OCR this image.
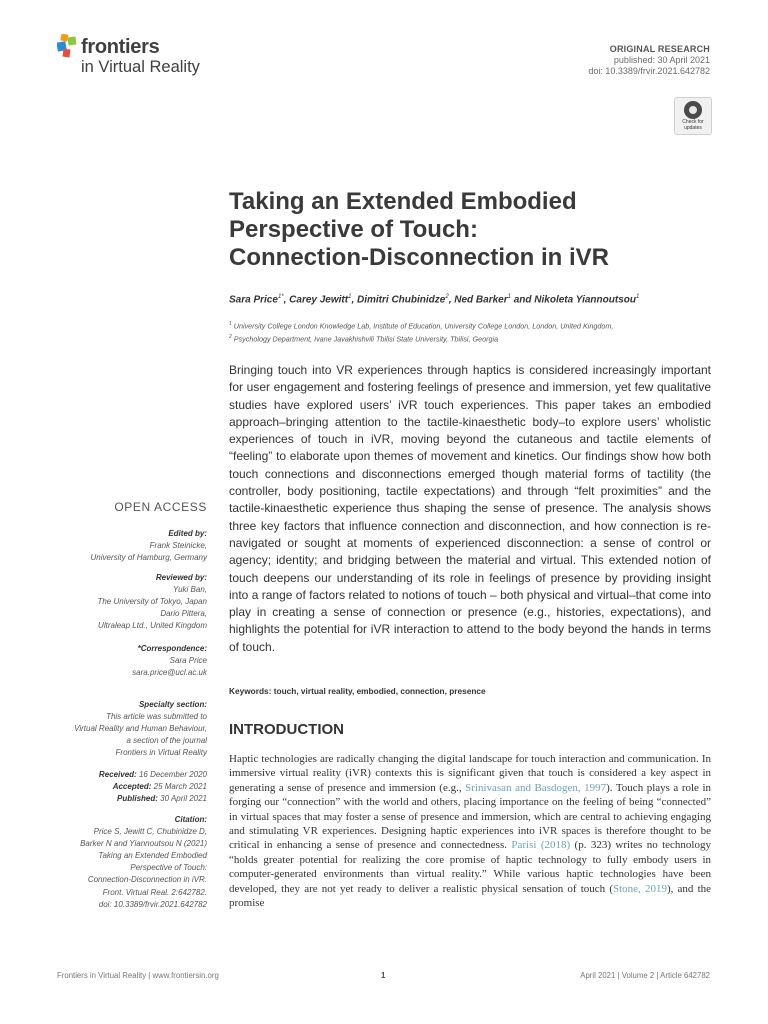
frontiers
in Virtual Reality
ORIGINAL RESEARCH
published: 30 April 2021
doi: 10.3389/frvir.2021.642782
Check for
updates
Taking an Extended Embodied
Perspective of Touch:
Connection-Disconnection in iVR
Sara Price$^{1*}$, Carey Jewitt$^1$, Dimitri Chubinidze$^2$, Ned Barker$^1$ and Nikoleta Yiannoutsou$^1$
$^1$ University College London Knowledge Lab, Institute of Education, University College London, London, United Kingdom,
$^2$ Psychology Department, Ivane Javakhishvili Tbilisi State University, Tbilisi, Georgia
Bringing touch into VR experiences through haptics is considered increasingly important for user engagement and fostering feelings of presence and immersion, yet few qualitative studies have explored users’ iVR touch experiences. This paper takes an embodied approach–bringing attention to the tactile-kinaesthetic body–to explore users’ wholistic experiences of touch in iVR, moving beyond the cutaneous and tactile elements of “feeling” to elaborate upon themes of movement and kinetics. Our findings show how both touch connections and disconnections emerged though material forms of tactility (the controller, body positioning, tactile expectations) and through “felt proximities” and the tactile-kinaesthetic experience thus shaping the sense of presence. The analysis shows three key factors that influence connection and disconnection, and how connection is re-navigated or sought at moments of experienced disconnection: a sense of control or agency; identity; and bridging between the material and virtual. This extended notion of touch deepens our understanding of its role in feelings of presence by providing insight into a range of factors related to notions of touch – both physical and virtual–that come into play in creating a sense of connection or presence (e.g., histories, expectations), and highlights the potential for iVR interaction to attend to the body beyond the hands in terms of touch.
Keywords: touch, virtual reality, embodied, connection, presence
OPEN ACCESS
Edited by:
Frank Steinicke,
University of Hamburg, Germany
Reviewed by:
Yuki Ban,
The University of Tokyo, Japan
Dario Pittera,
Ultraleap Ltd., United Kingdom
*Correspondence:
Sara Price
sara.price@ucl.ac.uk
Specialty section:
This article was submitted to
Virtual Reality and Human Behaviour,
a section of the journal
Frontiers in Virtual Reality
Received: 16 December 2020
Accepted: 25 March 2021
Published: 30 April 2021
Citation:
Price S, Jewitt C, Chubinidze D,
Barker N and Yiannoutsou N (2021)
Taking an Extended Embodied
Perspective of Touch:
Connection-Disconnection in iVR.
Front. Virtual Real. 2:642782.
doi: 10.3389/frvir.2021.642782
INTRODUCTION
Haptic technologies are radically changing the digital landscape for touch interaction and communication. In immersive virtual reality (iVR) contexts this is significant given that touch is considered a key aspect in generating a sense of presence and immersion (e.g., Srinivasan and Basdogen, 1997). Touch plays a role in forging our “connection” with the world and others, placing importance on the feeling of being “connected” in virtual spaces that may foster a sense of presence and immersion, which are central to achieving engaging and stimulating VR experiences. Designing haptic experiences into iVR spaces is therefore thought to be critical in enhancing a sense of presence and connectedness. Parisi (2018) (p. 323) writes no technology “holds greater potential for realizing the core promise of haptic technology to fully embody users in computer-generated environments than virtual reality.” While various haptic technologies have been developed, they are not yet ready to deliver a realistic physical sensation of touch (Stone, 2019), and the promise
Frontiers in Virtual Reality | www.frontiersin.org	1	April 2021 | Volume 2 | Article 642782
